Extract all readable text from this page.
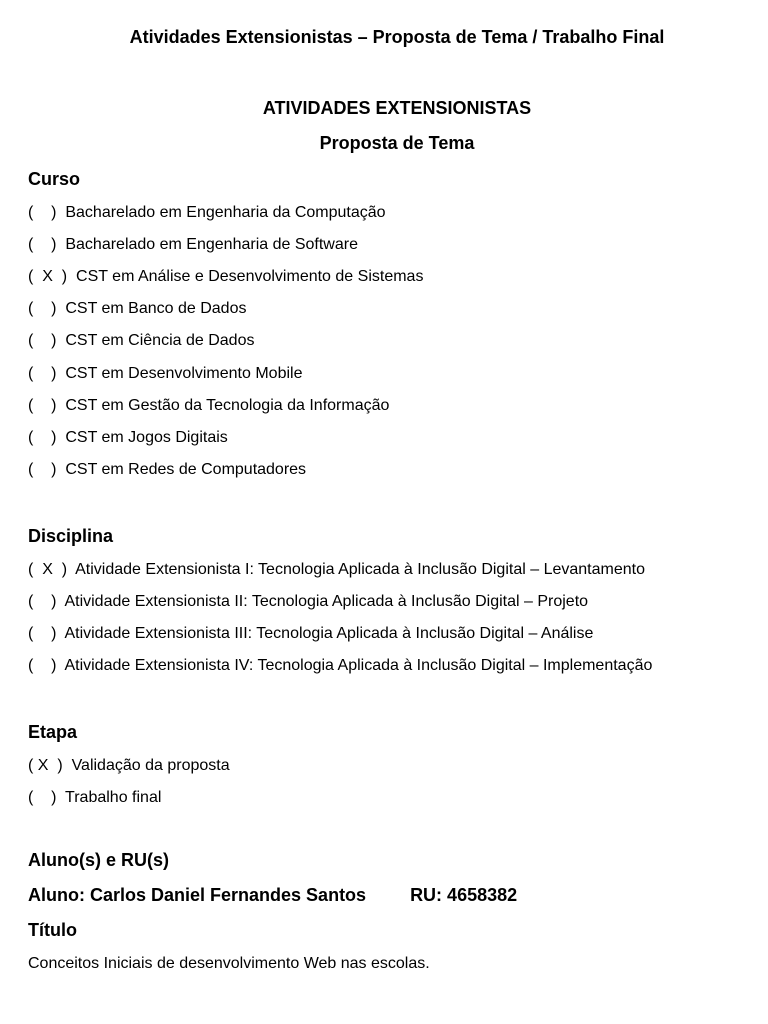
Atividades Extensionistas – Proposta de Tema / Trabalho Final
ATIVIDADES EXTENSIONISTAS
Proposta de Tema
Curso
(    )  Bacharelado em Engenharia da Computação
(    )  Bacharelado em Engenharia de Software
(  X  )  CST em Análise e Desenvolvimento de Sistemas
(    )  CST em Banco de Dados
(    )  CST em Ciência de Dados
(    )  CST em Desenvolvimento Mobile
(    )  CST em Gestão da Tecnologia da Informação
(    )  CST em Jogos Digitais
(    )  CST em Redes de Computadores
Disciplina
(  X  )  Atividade Extensionista I: Tecnologia Aplicada à Inclusão Digital – Levantamento
(    )  Atividade Extensionista II: Tecnologia Aplicada à Inclusão Digital – Projeto
(    )  Atividade Extensionista III: Tecnologia Aplicada à Inclusão Digital – Análise
(    )  Atividade Extensionista IV: Tecnologia Aplicada à Inclusão Digital – Implementação
Etapa
( X  )  Validação da proposta
(    )  Trabalho final
Aluno(s) e RU(s)
Aluno: Carlos Daniel Fernandes Santos RU: 4658382
Título
Conceitos Iniciais de desenvolvimento Web nas escolas.
